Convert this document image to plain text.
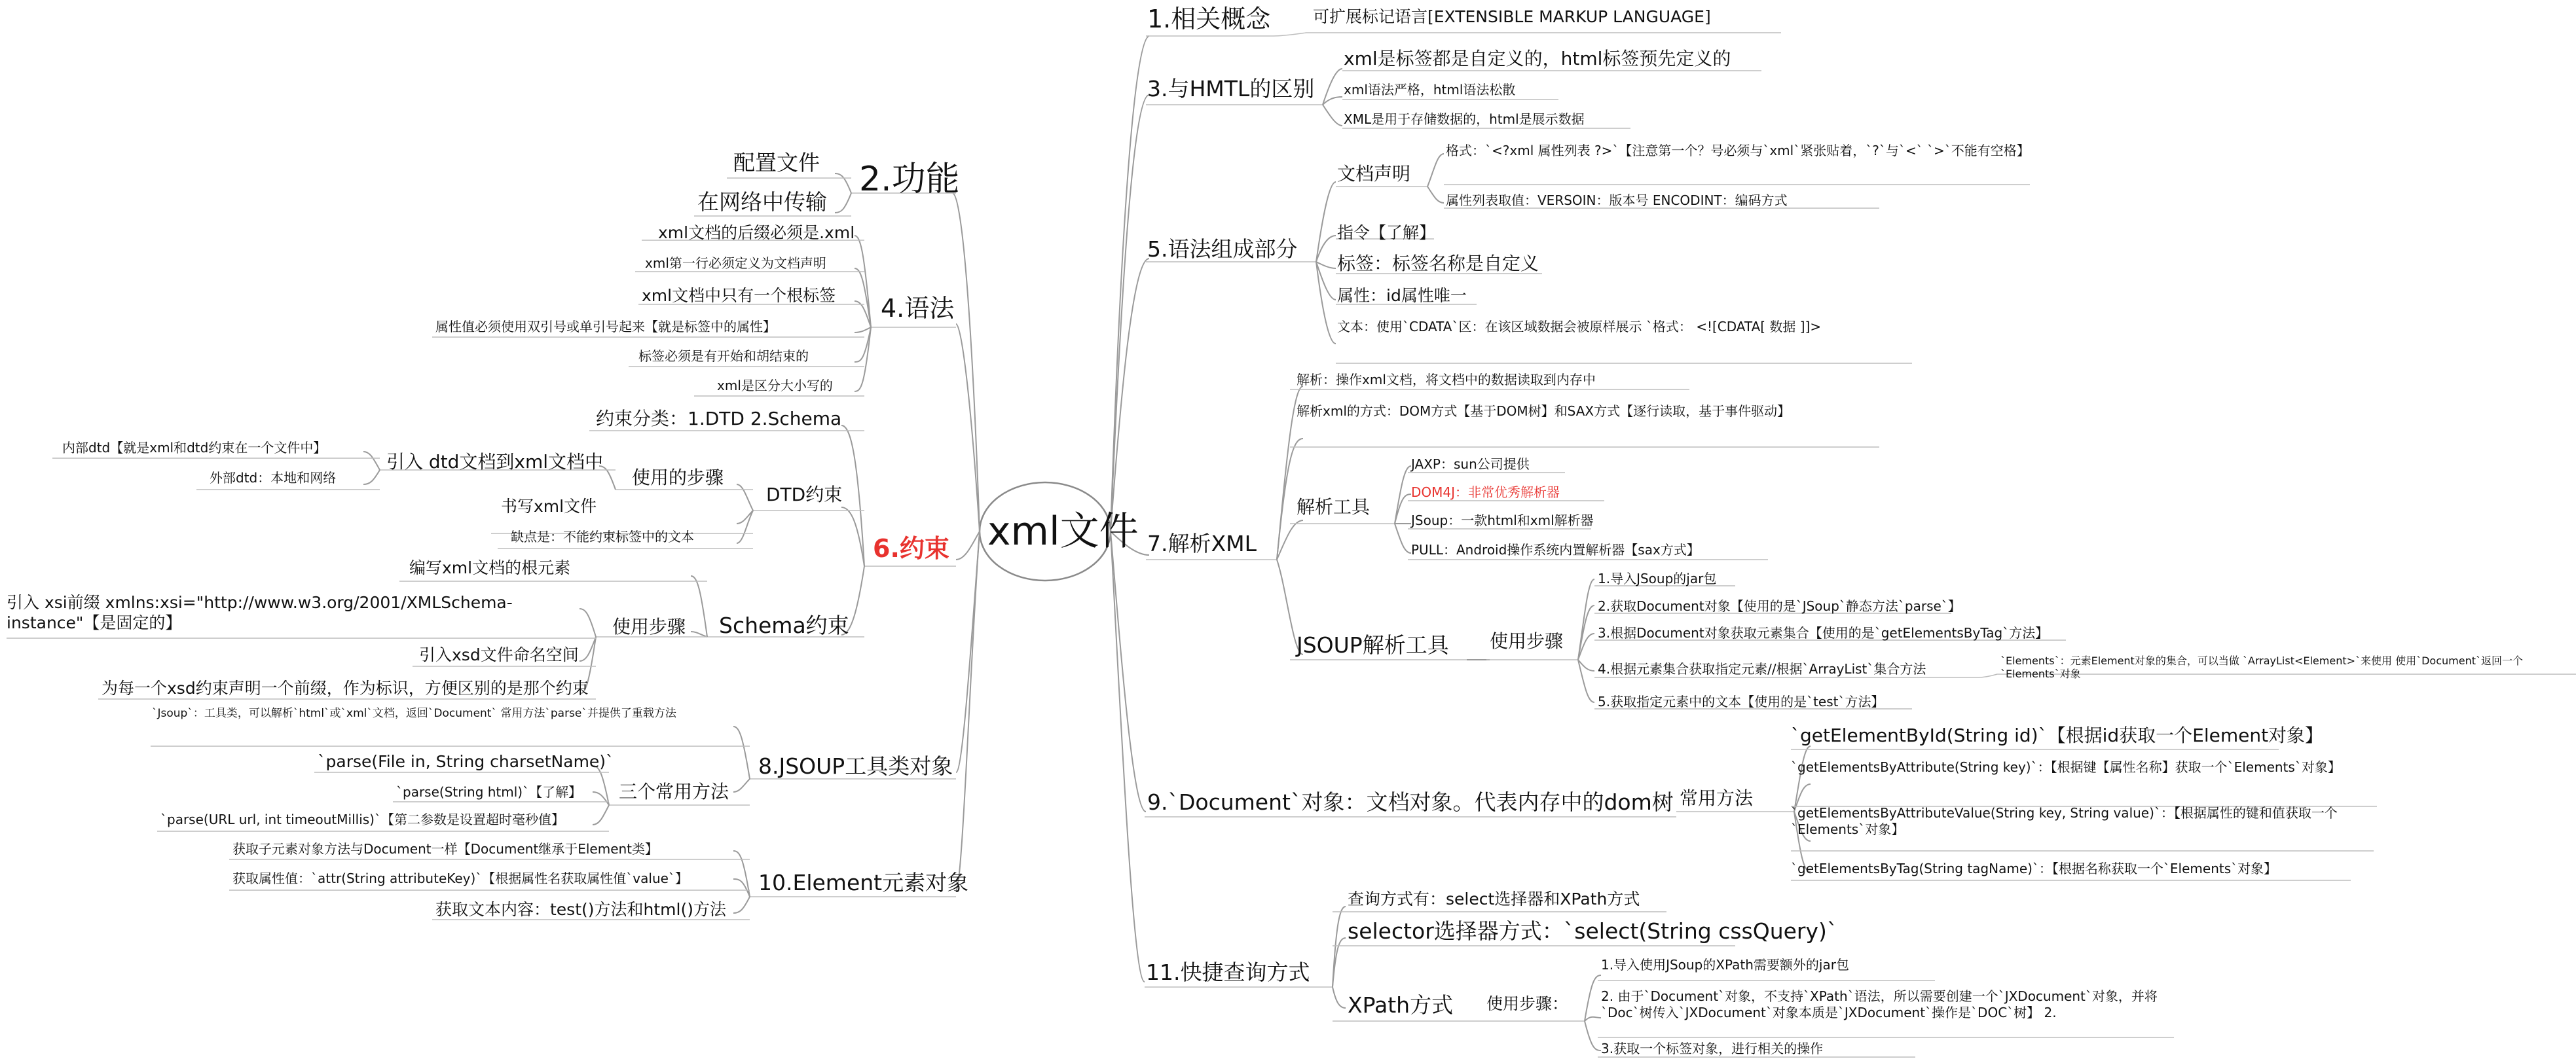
xml文件
1.相关概念	可扩展标记语言[EXTENSIBLE MARKUP LANGUAGE]
3.与HMTL的区别
xml是标签都是自定义的，html标签预先定义的
xml语法严格，html语法松散
XML是用于存储数据的，html是展示数据
5.语法组成部分
文档声明
格式：`<?xml 属性列表 ?>`【注意第一个？号必须与`xml`紧张贴着，`?`与`<` `>`不能有空格】
属性列表取值：VERSOIN：版本号 ENCODINT：编码方式
指令【了解】
标签：标签名称是自定义
属性：id属性唯一
文本：使用`CDATA`区：在该区域数据会被原样展示 `格式： <![CDATA[ 数据 ]]>
7.解析XML
解析：操作xml文档，将文档中的数据读取到内存中
解析xml的方式：DOM方式【基于DOM树】和SAX方式【逐行读取，基于事件驱动】
解析工具
JAXP：sun公司提供
DOM4J：非常优秀解析器
JSoup：一款html和xml解析器
PULL：Android操作系统内置解析器【sax方式】
JSOUP解析工具 使用步骤
1.导入JSoup的jar包
2.获取Document对象【使用的是`JSoup`静态方法`parse`】
3.根据Document对象获取元素集合【使用的是`getElementsByTag`方法】
4.根据元素集合获取指定元素//根据`ArrayList`集合方法
`Elements`：元素Element对象的集合，可以当做 `ArrayList<Element>`来使用 使用`Document`返回一个`Elements`对象
5.获取指定元素中的文本【使用的是`test`方法】
9.`Document`对象：文档对象。代表内存中的dom树 常用方法
`getElementById(String id)`【根据id获取一个Element对象】
`getElementsByAttribute(String key)`：【根据键【属性名称】获取一个`Elements`对象】
`getElementsByAttributeValue(String key, String value)`：【根据属性的键和值获取一个`Elements`对象】
`getElementsByTag(String tagName)`：【根据名称获取一个`Elements`对象】
11.快捷查询方式
查询方式有：select选择器和XPath方式
selector选择器方式：`select(String cssQuery)`
XPath方式 使用步骤：
1.导入使用JSoup的XPath需要额外的jar包
2. 由于`Document`对象，不支持`XPath`语法，所以需要创建一个`JXDocument`对象，并将`Doc`树传入`JXDocument`对象本质是`JXDocument`操作是`DOC`树】 2.
3.获取一个标签对象，进行相关的操作
2.功能
配置文件
在网络中传输
4.语法
xml文档的后缀必须是.xml
xml第一行必须定义为文档声明
xml文档中只有一个根标签
属性值必须使用双引号或单引号起来【就是标签中的属性】
标签必须是有开始和胡结束的
xml是区分大小写的
6.约束
约束分类：1.DTD 2.Schema
DTD约束
使用的步骤
引入 dtd文档到xml文档中
内部dtd【就是xml和dtd约束在一个文件中】
外部dtd：本地和网络
书写xml文件
缺点是：不能约束标签中的文本
Schema约束
编写xml文档的根元素
使用步骤
引入 xsi前缀 xmlns:xsi="http://www.w3.org/2001/XMLSchema-instance"【是固定的】
引入xsd文件命名空间
为每一个xsd约束声明一个前缀，作为标识，方便区别的是那个约束
8.JSOUP工具类对象
`Jsoup`：工具类，可以解析`html`或`xml`文档，返回`Document` 常用方法`parse`并提供了重载方法
三个常用方法
`parse(File in, String charsetName)`
`parse(String html)`【了解】
`parse(URL url, int timeoutMillis)`【第二参数是设置超时毫秒值】
10.Element元素对象
获取子元素对象方法与Document一样【Document继承于Element类】
获取属性值：`attr(String attributeKey)`【根据属性名获取属性值`value`】
获取文本内容：test()方法和html()方法
